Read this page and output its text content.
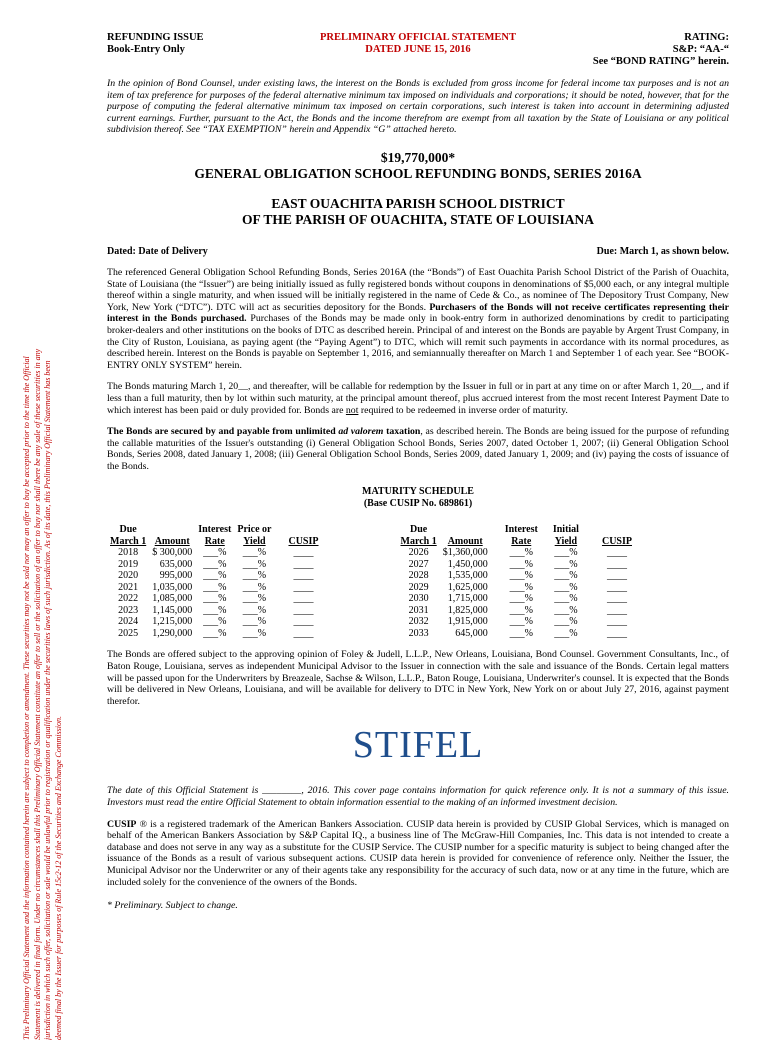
This Preliminary Official Statement and the information contained herein are subject to completion or amendment. These securities may not be sold nor may an offer to buy be accepted prior to the time the Official Statement is delivered in final form. Under no circumstances shall this Preliminary Official Statement constitute an offer to sell or the solicitation of an offer to buy nor shall there be any sale of these securities in any jurisdiction in which such offer, solicitation or sale would be unlawful prior to registration or qualification under the securities laws of such jurisdiction. As of its date, this Preliminary Official Statement has been deemed final by the Issuer for purposes of Rule 15c2-12 of the Securities and Exchange Commission.
REFUNDING ISSUE
Book-Entry Only
PRELIMINARY OFFICIAL STATEMENT
DATED JUNE 15, 2016
RATING:
S&P: “AA-“
See “BOND RATING” herein.

In the opinion of Bond Counsel, under existing laws, the interest on the Bonds is excluded from gross income for federal income tax purposes and is not an item of tax preference for purposes of the federal alternative minimum tax imposed on individuals and corporations; it should be noted, however, that for the purpose of computing the federal alternative minimum tax imposed on certain corporations, such interest is taken into account in determining adjusted current earnings. Further, pursuant to the Act, the Bonds and the income therefrom are exempt from all taxation by the State of Louisiana or any political subdivision thereof. See “TAX EXEMPTION” herein and Appendix “G” attached hereto.

$19,770,000*
GENERAL OBLIGATION SCHOOL REFUNDING BONDS, SERIES 2016A
EAST OUACHITA PARISH SCHOOL DISTRICT
OF THE PARISH OF OUACHITA, STATE OF LOUISIANA
Dated: Date of Delivery	Due: March 1, as shown below.

The referenced General Obligation School Refunding Bonds, Series 2016A (the “Bonds”) of East Ouachita Parish School District of the Parish of Ouachita, State of Louisiana (the “Issuer”) are being initially issued as fully registered bonds without coupons in denominations of $5,000 each, or any integral multiple thereof within a single maturity, and when issued will be initially registered in the name of Cede & Co., as nominee of The Depository Trust Company, New York, New York (“DTC”). DTC will act as securities depository for the Bonds. Purchasers of the Bonds will not receive certificates representing their interest in the Bonds purchased. Purchases of the Bonds may be made only in book-entry form in authorized denominations by credit to participating broker-dealers and other institutions on the books of DTC as described herein. Principal of and interest on the Bonds are payable by Argent Trust Company, in the City of Ruston, Louisiana, as paying agent (the “Paying Agent”) to DTC, which will remit such payments in accordance with its normal procedures, as described herein. Interest on the Bonds is payable on September 1, 2016, and semiannually thereafter on March 1 and September 1 of each year. See “BOOK-ENTRY ONLY SYSTEM” herein.

The Bonds maturing March 1, 20__, and thereafter, will be callable for redemption by the Issuer in full or in part at any time on or after March 1, 20__, and if less than a full maturity, then by lot within such maturity, at the principal amount thereof, plus accrued interest from the most recent Interest Payment Date to which interest has been paid or duly provided for. Bonds are not required to be redeemed in inverse order of maturity.

The Bonds are secured by and payable from unlimited ad valorem taxation, as described herein. The Bonds are being issued for the purpose of refunding the callable maturities of the Issuer's outstanding (i) General Obligation School Bonds, Series 2007, dated October 1, 2007; (ii) General Obligation School Bonds, Series 2008, dated January 1, 2008; (iii) General Obligation School Bonds, Series 2009, dated January 1, 2009; and (iv) paying the costs of issuance of the Bonds.

MATURITY SCHEDULE
(Base CUSIP No. 689861)
Due
March 1	Amount	Interest
Rate	Price or
Yield	CUSIP
2018	$ 300,000	___%	___%	____
2019	635,000	___%	___%	____
2020	995,000	___%	___%	____
2021	1,035,000	___%	___%	____
2022	1,085,000	___%	___%	____
2023	1,145,000	___%	___%	____
2024	1,215,000	___%	___%	____
2025	1,290,000	___%	___%	____
Due
March 1	Amount	Interest
Rate	Initial
Yield	CUSIP
2026	$1,360,000	___%	___%	____
2027	1,450,000	___%	___%	____
2028	1,535,000	___%	___%	____
2029	1,625,000	___%	___%	____
2030	1,715,000	___%	___%	____
2031	1,825,000	___%	___%	____
2032	1,915,000	___%	___%	____
2033	645,000	___%	___%	____

The Bonds are offered subject to the approving opinion of Foley & Judell, L.L.P., New Orleans, Louisiana, Bond Counsel. Government Consultants, Inc., of Baton Rouge, Louisiana, serves as independent Municipal Advisor to the Issuer in connection with the sale and issuance of the Bonds. Certain legal matters will be passed upon for the Underwriters by Breazeale, Sachse & Wilson, L.L.P., Baton Rouge, Louisiana, Underwriter's counsel. It is expected that the Bonds will be delivered in New Orleans, Louisiana, and will be available for delivery to DTC in New York, New York on or about July 27, 2016, against payment therefor.

STIFEL

The date of this Official Statement is ________, 2016. This cover page contains information for quick reference only. It is not a summary of this issue. Investors must read the entire Official Statement to obtain information essential to the making of an informed investment decision.

CUSIP ® is a registered trademark of the American Bankers Association. CUSIP data herein is provided by CUSIP Global Services, which is managed on behalf of the American Bankers Association by S&P Capital IQ., a business line of The McGraw-Hill Companies, Inc. This data is not intended to create a database and does not serve in any way as a substitute for the CUSIP Service. The CUSIP number for a specific maturity is subject to being changed after the issuance of the Bonds as a result of various subsequent actions. CUSIP data herein is provided for convenience of reference only. Neither the Issuer, the Municipal Advisor nor the Underwriter or any of their agents take any responsibility for the accuracy of such data, now or at any time in the future, which are included solely for the convenience of the owners of the Bonds.

* Preliminary. Subject to change.
